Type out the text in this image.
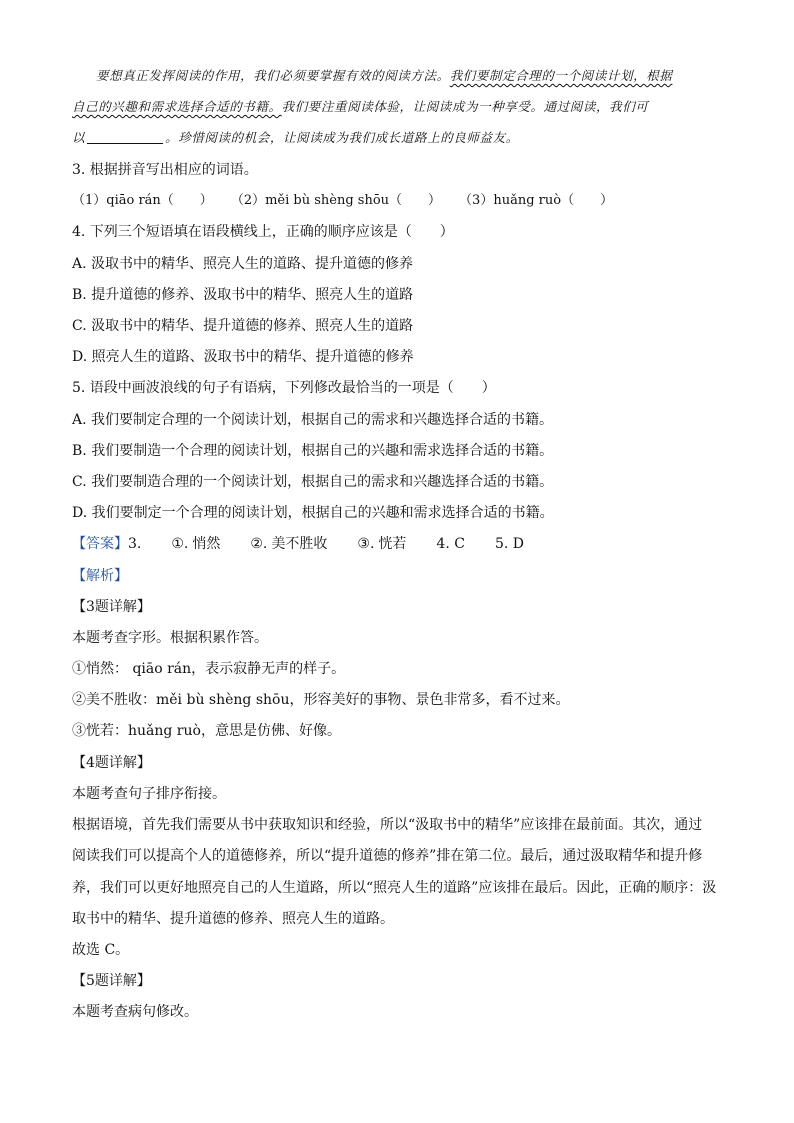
要想真正发挥阅读的作用，我们必须要掌握有效的阅读方法。我们要制定合理的一个阅读计划，根据
自己的兴趣和需求选择合适的书籍。我们要注重阅读体验，让阅读成为一种享受。通过阅读，我们可
以	。珍惜阅读的机会，让阅读成为我们成长道路上的良师益友。
3. 根据拼音写出相应的词语。
（1）qiāo rán（　　） （2）měi bù shèng shōu（　　） （3）huǎng ruò（　　）
4. 下列三个短语填在语段横线上，正确的顺序应该是（　　）
A. 汲取书中的精华、照亮人生的道路、提升道德的修养
B. 提升道德的修养、汲取书中的精华、照亮人生的道路
C. 汲取书中的精华、提升道德的修养、照亮人生的道路
D. 照亮人生的道路、汲取书中的精华、提升道德的修养
5. 语段中画波浪线的句子有语病，下列修改最恰当的一项是（　　）
A. 我们要制定合理的一个阅读计划，根据自己的需求和兴趣选择合适的书籍。
B. 我们要制造一个合理的阅读计划，根据自己的兴趣和需求选择合适的书籍。
C. 我们要制造合理的一个阅读计划，根据自己的需求和兴趣选择合适的书籍。
D. 我们要制定一个合理的阅读计划，根据自己的兴趣和需求选择合适的书籍。
【答案】3. ①. 悄然 ②. 美不胜收 ③. 恍若 4. C 5. D
【解析】
【3题详解】
本题考查字形。根据积累作答。
①悄然： qiāo rán，表示寂静无声的样子。
②美不胜收：měi bù shèng shōu，形容美好的事物、景色非常多，看不过来。
③恍若：huǎng ruò，意思是仿佛、好像。
【4题详解】
本题考查句子排序衔接。
根据语境，首先我们需要从书中获取知识和经验，所以“汲取书中的精华”应该排在最前面。其次，通过
阅读我们可以提高个人的道德修养，所以“提升道德的修养”排在第二位。最后，通过汲取精华和提升修
养，我们可以更好地照亮自己的人生道路，所以“照亮人生的道路”应该排在最后。因此，正确的顺序：汲
取书中的精华、提升道德的修养、照亮人生的道路。
故选 C。
【5题详解】
本题考查病句修改。
